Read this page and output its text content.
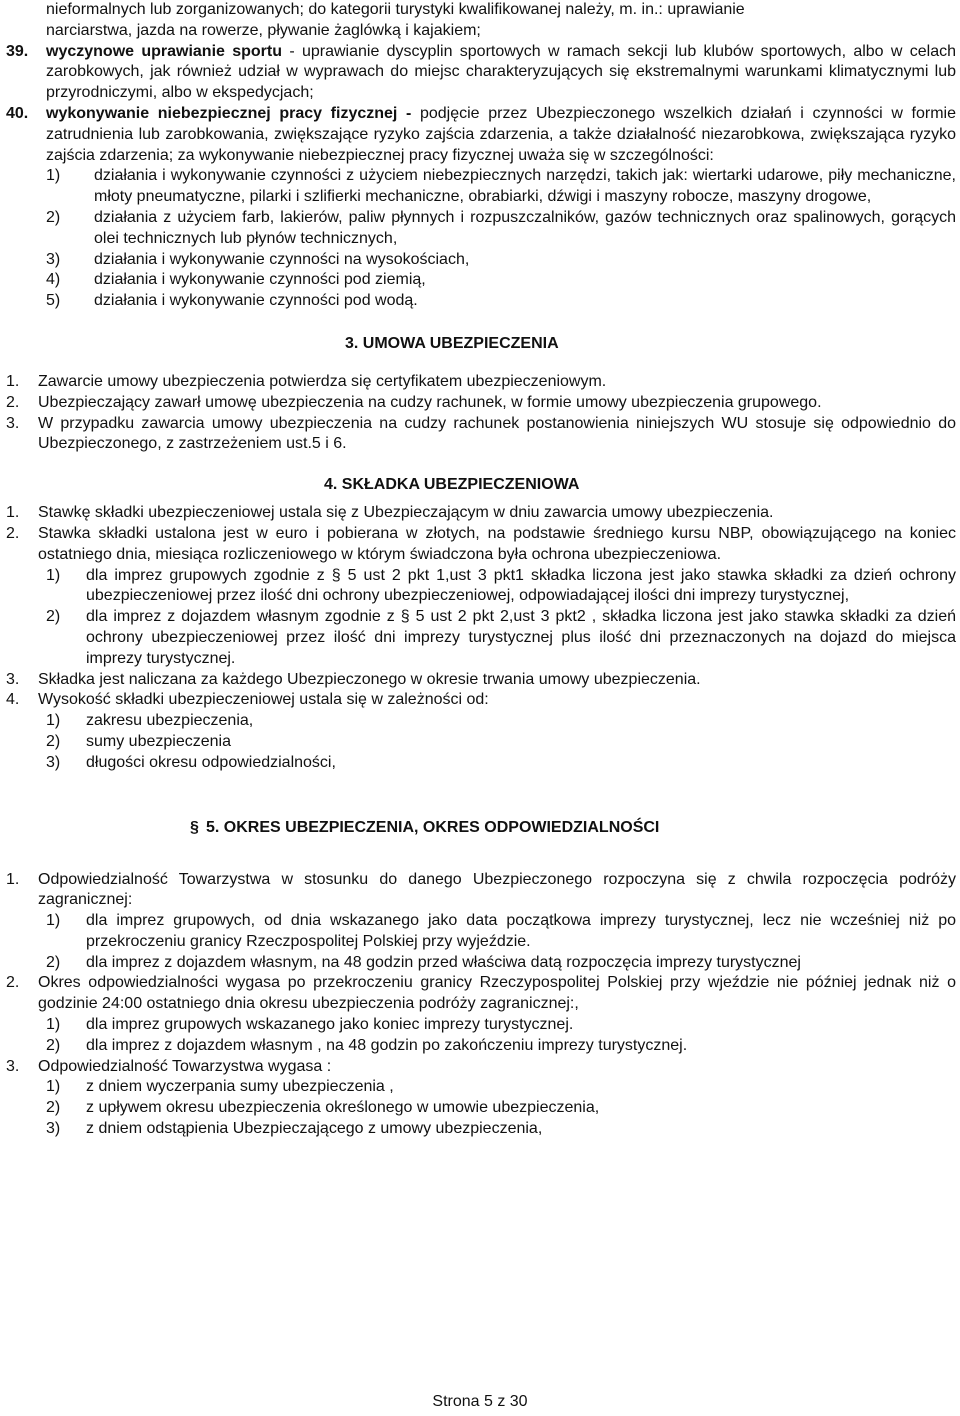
nieformalnych lub zorganizowanych; do kategorii turystyki kwalifikowanej należy, m. in.: uprawianie
narciarstwa, jazda na rowerze, pływanie żaglówką i kajakiem;
39. wyczynowe uprawianie sportu - uprawianie dyscyplin sportowych w ramach sekcji lub klubów sportowych, albo w celach zarobkowych, jak również udział w wyprawach do miejsc charakteryzujących się ekstremalnymi warunkami klimatycznymi lub przyrodniczymi, albo w ekspedycjach;
40. wykonywanie niebezpiecznej pracy fizycznej - podjęcie przez Ubezpieczonego wszelkich działań i czynności w formie zatrudnienia lub zarobkowania, zwiększające ryzyko zajścia zdarzenia, a także działalność niezarobkowa, zwiększająca ryzyko zajścia zdarzenia; za wykonywanie niebezpiecznej pracy fizycznej uważa się w szczególności:
1) działania i wykonywanie czynności z użyciem niebezpiecznych narzędzi, takich jak: wiertarki udarowe, piły mechaniczne, młoty pneumatyczne, pilarki i szlifierki mechaniczne, obrabiarki, dźwigi i maszyny robocze, maszyny drogowe,
2) działania z użyciem farb, lakierów, paliw płynnych i rozpuszczalników, gazów technicznych oraz spalinowych, gorących olei technicznych lub płynów technicznych,
3) działania i wykonywanie czynności na wysokościach,
4) działania i wykonywanie czynności pod ziemią,
5) działania i wykonywanie czynności pod wodą.
3. UMOWA UBEZPIECZENIA
1. Zawarcie umowy ubezpieczenia potwierdza się certyfikatem ubezpieczeniowym.
2. Ubezpieczający zawarł umowę ubezpieczenia na cudzy rachunek, w formie umowy ubezpieczenia grupowego.
3. W przypadku zawarcia umowy ubezpieczenia na cudzy rachunek postanowienia niniejszych WU stosuje się odpowiednio do Ubezpieczonego, z zastrzeżeniem ust.5 i 6.
4. SKŁADKA UBEZPIECZENIOWA
1. Stawkę składki ubezpieczeniowej ustala się z Ubezpieczającym w dniu zawarcia umowy ubezpieczenia.
2. Stawka składki ustalona jest w euro i pobierana w złotych, na podstawie średniego kursu NBP, obowiązującego na koniec ostatniego dnia, miesiąca rozliczeniowego w którym świadczona była ochrona ubezpieczeniowa.
1) dla imprez grupowych zgodnie z § 5 ust 2 pkt 1,ust 3 pkt1 składka liczona jest jako stawka składki za dzień ochrony ubezpieczeniowej przez ilość dni ochrony ubezpieczeniowej, odpowiadającej ilości dni imprezy turystycznej,
2) dla imprez z dojazdem własnym zgodnie z § 5 ust 2 pkt 2,ust 3 pkt2 , składka liczona jest jako stawka składki za dzień ochrony ubezpieczeniowej przez ilość dni imprezy turystycznej plus ilość dni przeznaczonych na dojazd do miejsca imprezy turystycznej.
3. Składka jest naliczana za każdego Ubezpieczonego w okresie trwania umowy ubezpieczenia.
4. Wysokość składki ubezpieczeniowej ustala się w zależności od:
1) zakresu ubezpieczenia,
2) sumy ubezpieczenia
3) długości okresu odpowiedzialności,
§ 5. OKRES UBEZPIECZENIA, OKRES ODPOWIEDZIALNOŚCI
1. Odpowiedzialność Towarzystwa w stosunku do danego Ubezpieczonego rozpoczyna się z chwila rozpoczęcia podróży zagranicznej:
1) dla imprez grupowych, od dnia wskazanego jako data początkowa imprezy turystycznej, lecz nie wcześniej niż po przekroczeniu granicy Rzeczpospolitej Polskiej przy wyjeździe.
2) dla imprez z dojazdem własnym, na 48 godzin przed właściwa datą rozpoczęcia imprezy turystycznej
2. Okres odpowiedzialności wygasa po przekroczeniu granicy Rzeczypospolitej Polskiej przy wjeździe nie później jednak niż o godzinie 24:00 ostatniego dnia okresu ubezpieczenia podróży zagranicznej:,
1) dla imprez grupowych wskazanego jako koniec imprezy turystycznej.
2) dla imprez z dojazdem własnym , na 48 godzin po zakończeniu imprezy turystycznej.
3. Odpowiedzialność Towarzystwa wygasa :
1) z dniem wyczerpania sumy ubezpieczenia ,
2) z upływem okresu ubezpieczenia określonego w umowie ubezpieczenia,
3) z dniem odstąpienia Ubezpieczającego z umowy ubezpieczenia,
Strona 5 z 30
